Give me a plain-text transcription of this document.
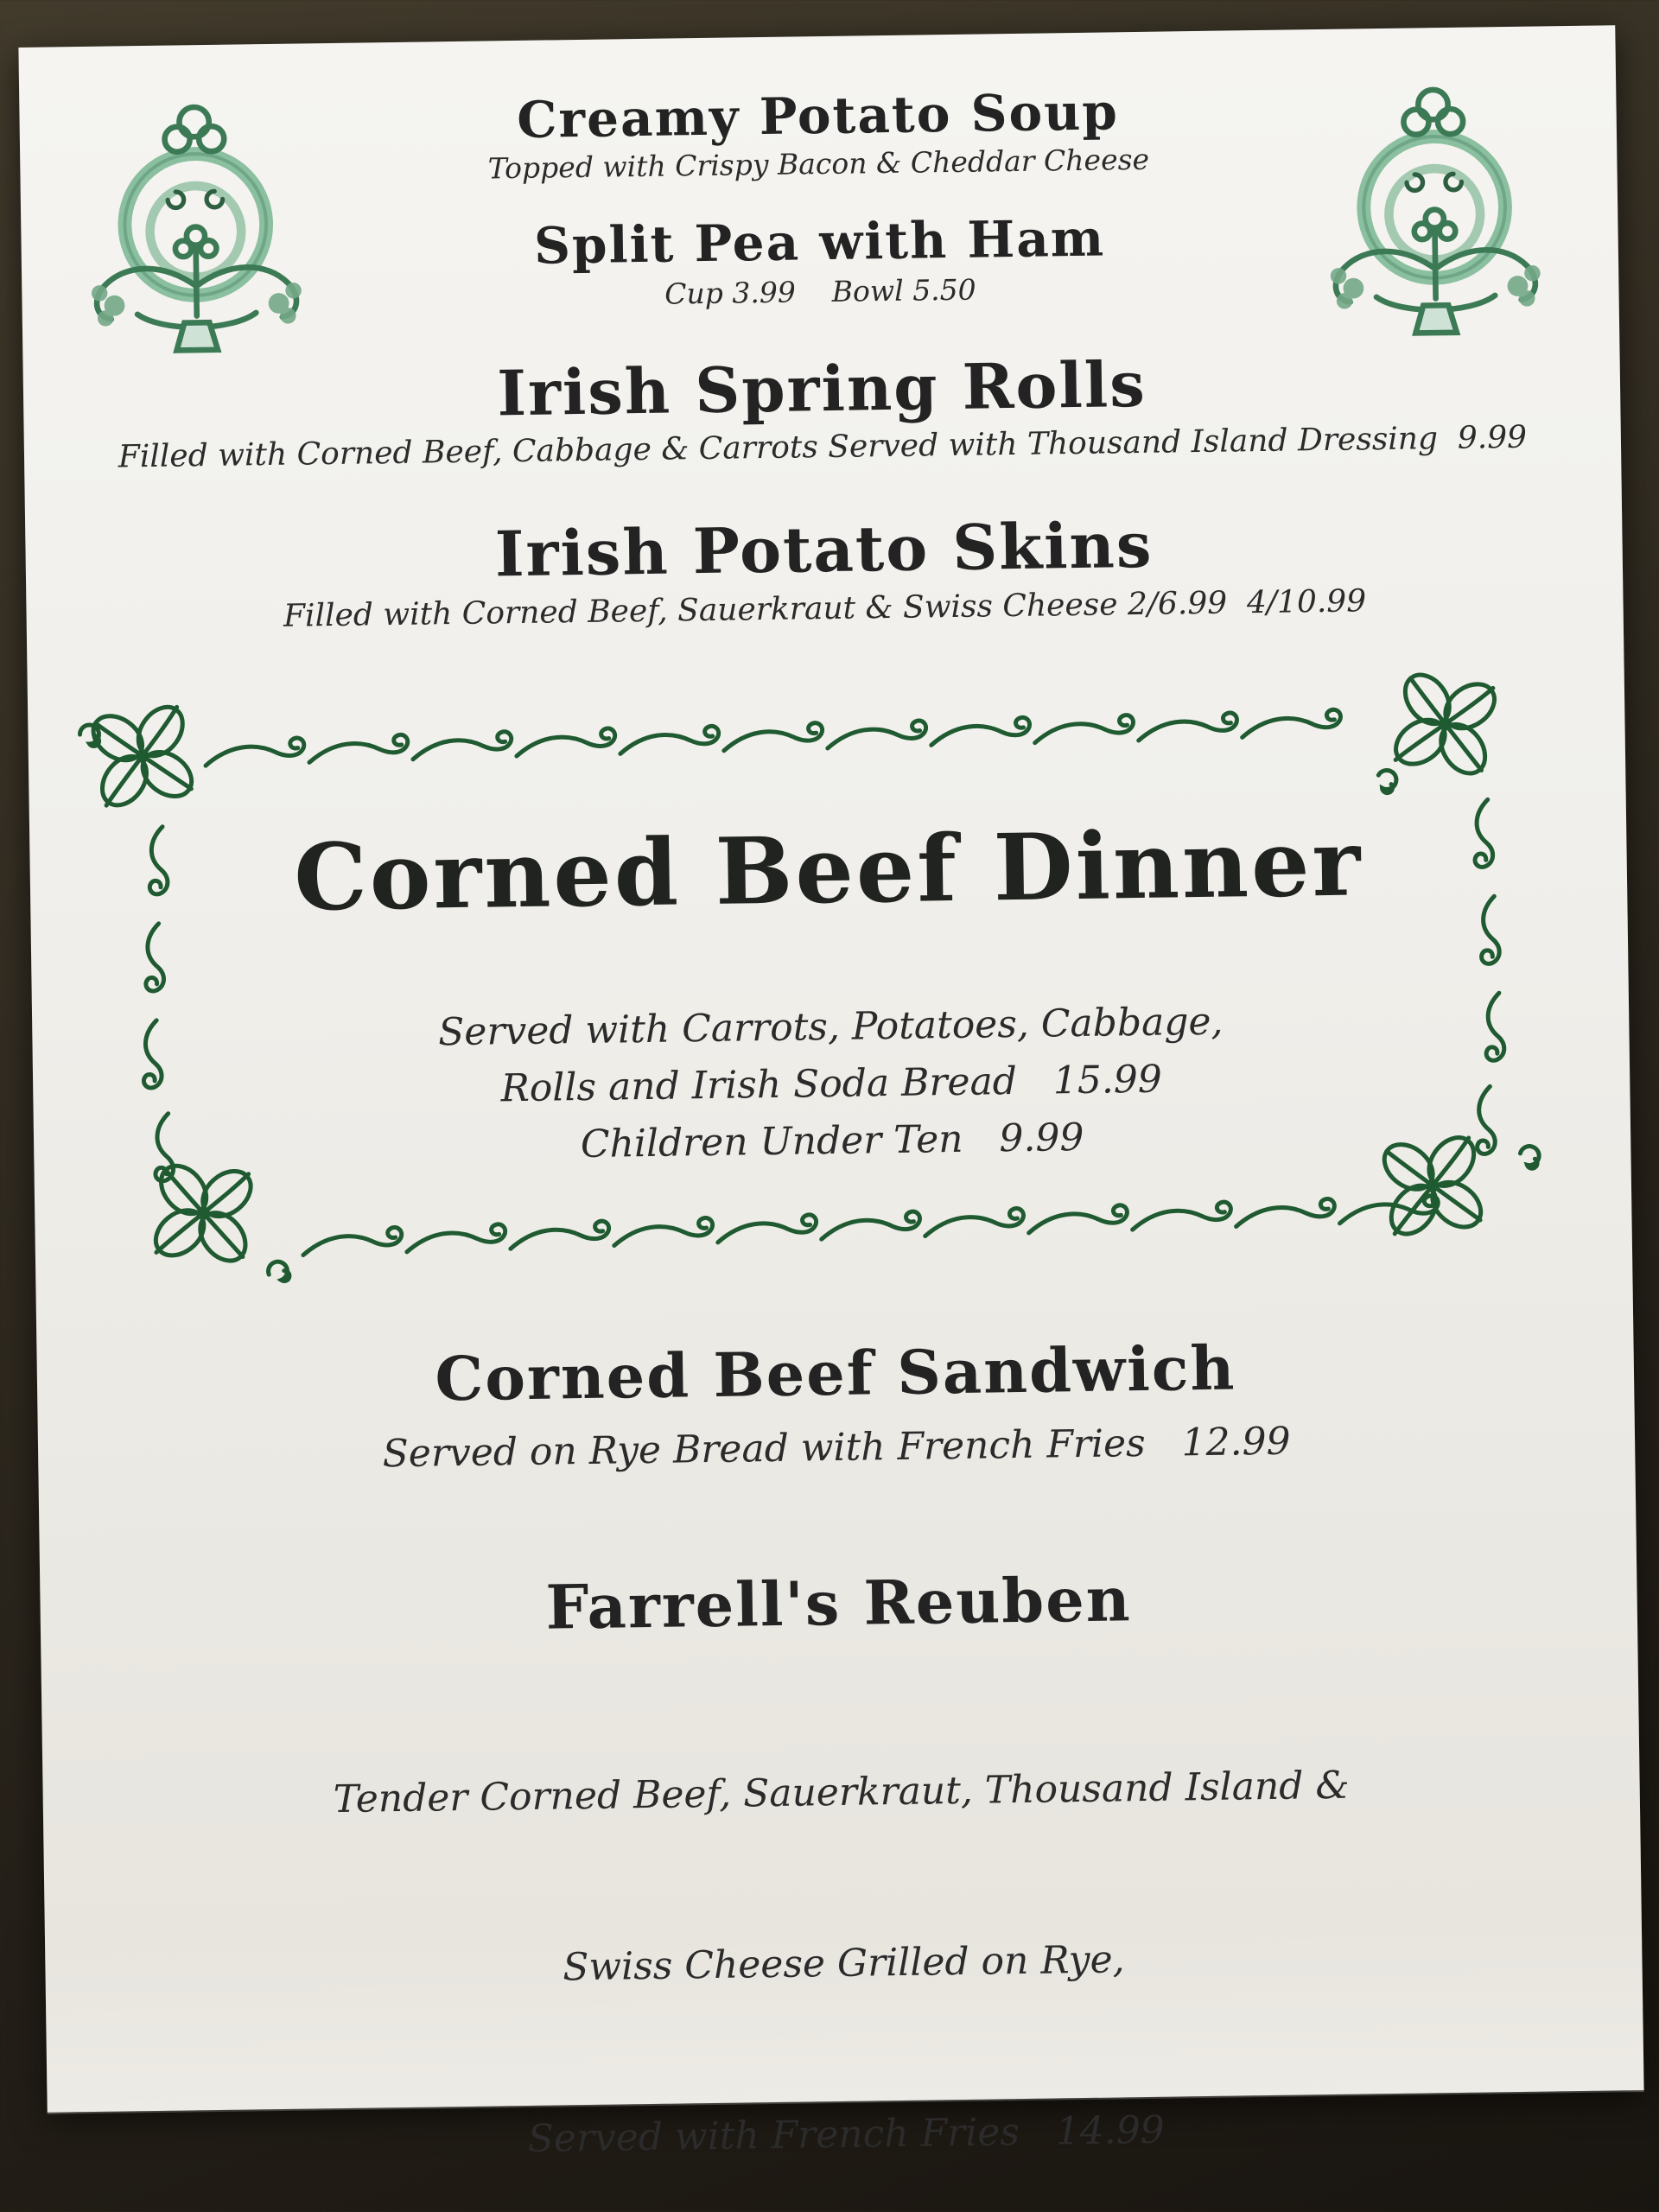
Creamy Potato Soup
Topped with Crispy Bacon & Cheddar Cheese
Split Pea with Ham
Cup 3.99    Bowl 5.50
Irish Spring Rolls
Filled with Corned Beef, Cabbage & Carrots Served with Thousand Island Dressing  9.99
Irish Potato Skins
Filled with Corned Beef, Sauerkraut & Swiss Cheese 2/6.99  4/10.99
Corned Beef Dinner
Served with Carrots, Potatoes, Cabbage,
Rolls and Irish Soda Bread   15.99
Children Under Ten   9.99
Corned Beef Sandwich
Served on Rye Bread with French Fries   12.99
Farrell's Reuben

Tender Corned Beef, Sauerkraut, Thousand Island &

Swiss Cheese Grilled on Rye,

Served with French Fries   14.99
